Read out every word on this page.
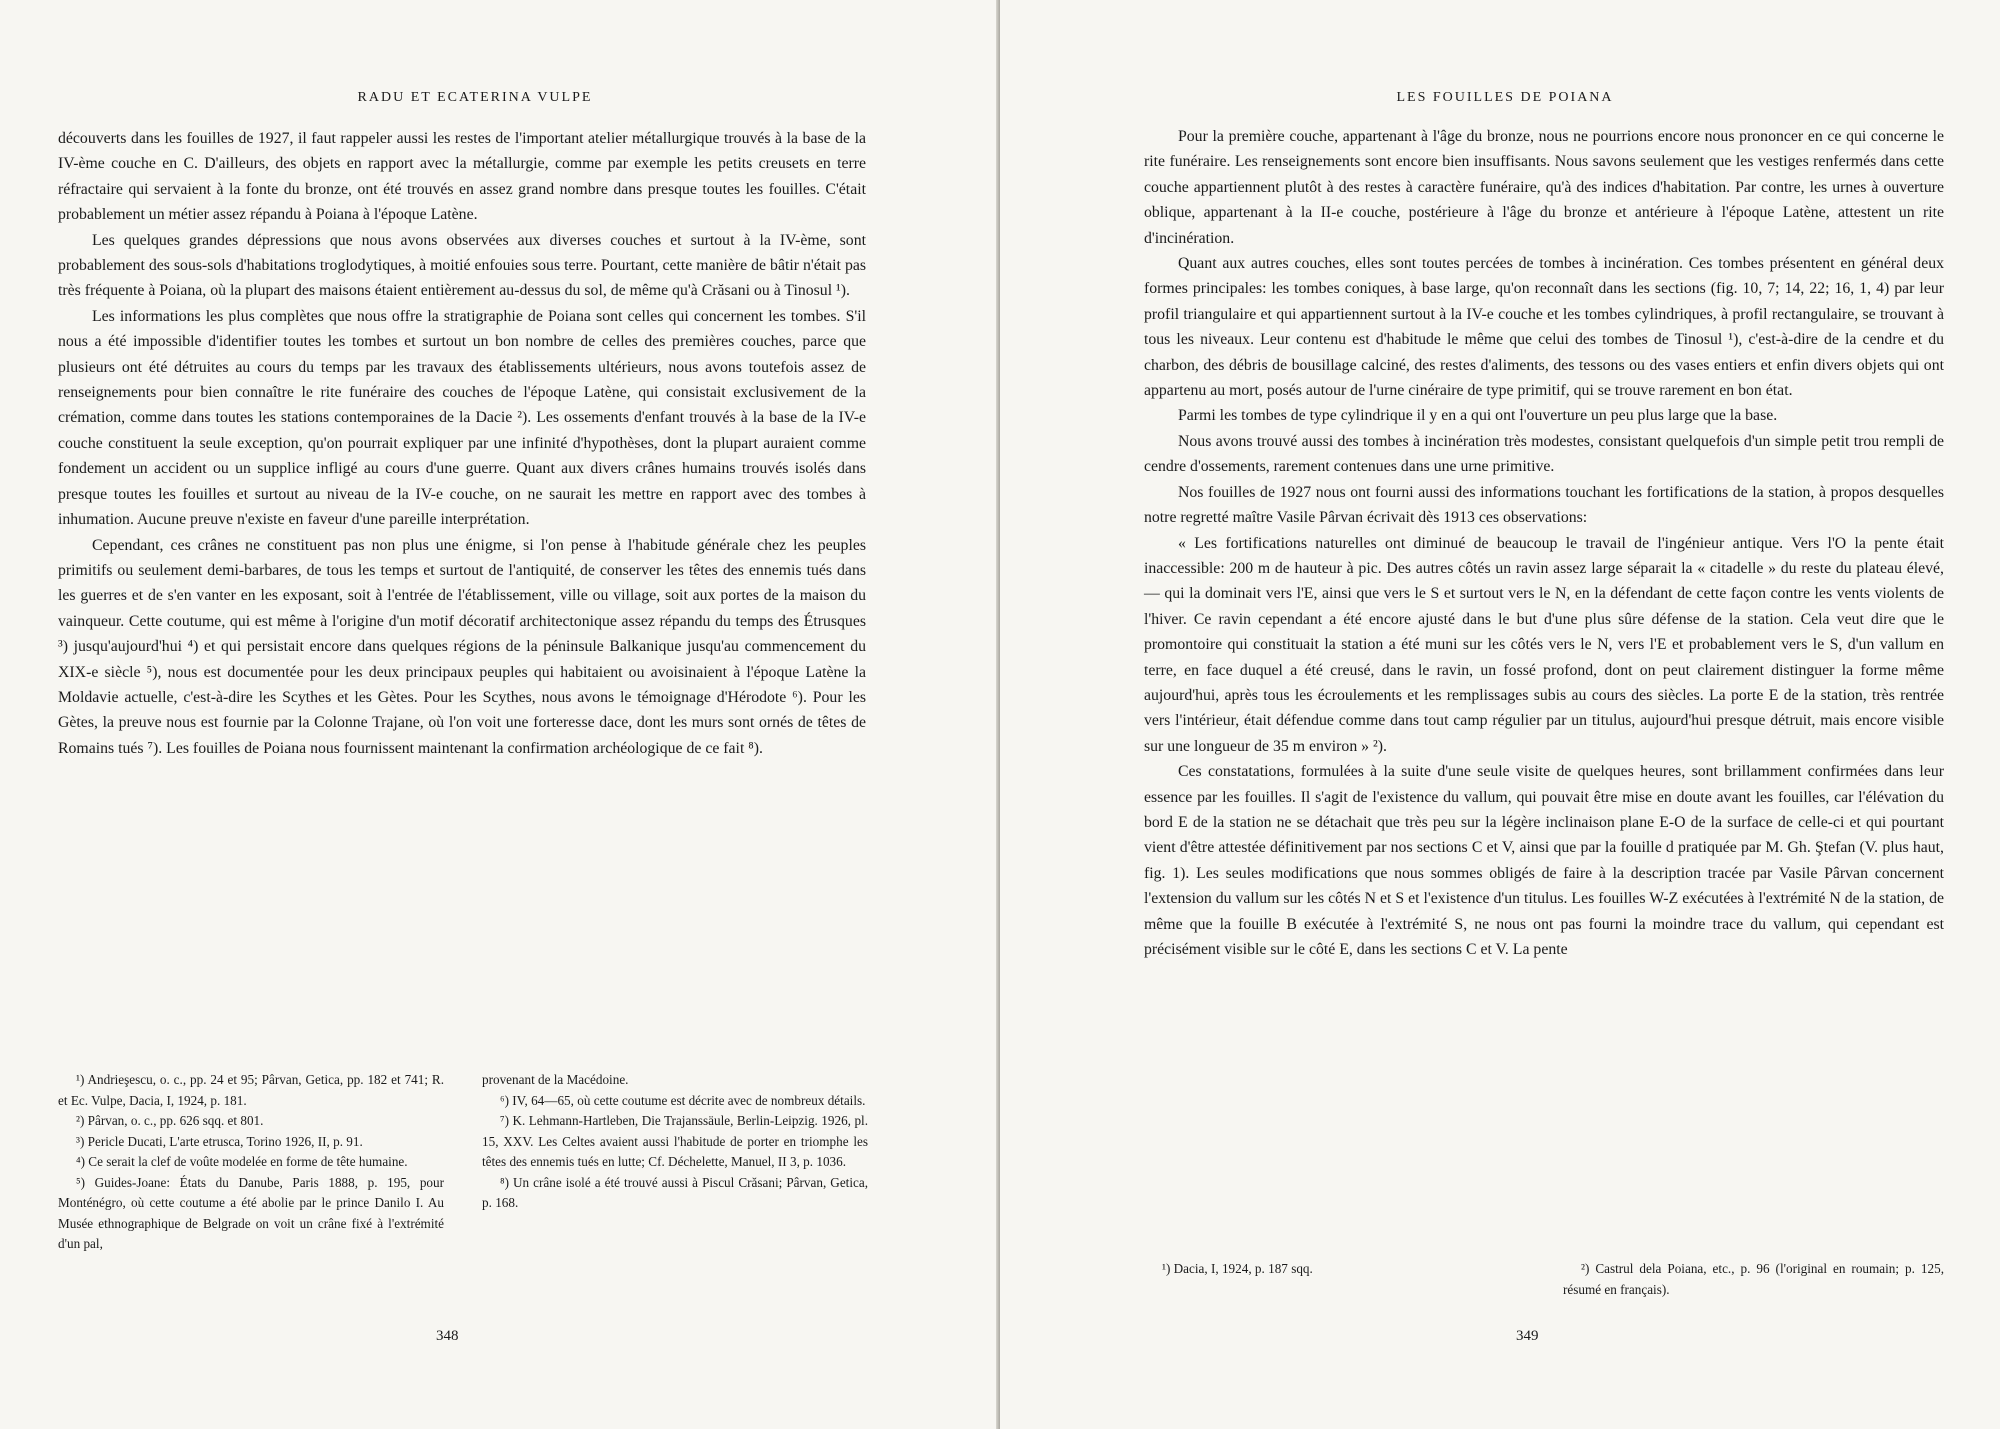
RADU ET ECATERINA VULPE

découverts dans les fouilles de 1927, il faut rappeler aussi les restes de l'important atelier métallurgique trouvés à la base de la IV-ème couche en C. D'ailleurs, des objets en rapport avec la métallurgie, comme par exemple les petits creusets en terre réfractaire qui servaient à la fonte du bronze, ont été trouvés en assez grand nombre dans presque toutes les fouilles. C'était probablement un métier assez répandu à Poiana à l'époque Latène.

Les quelques grandes dépressions que nous avons observées aux diverses couches et surtout à la IV-ème, sont probablement des sous-sols d'habitations troglodytiques, à moitié enfouies sous terre. Pourtant, cette manière de bâtir n'était pas très fréquente à Poiana, où la plupart des maisons étaient entièrement au-dessus du sol, de même qu'à Crăsani ou à Tinosul ¹).

Les informations les plus complètes que nous offre la stratigraphie de Poiana sont celles qui concernent les tombes. S'il nous a été impossible d'identifier toutes les tombes et surtout un bon nombre de celles des premières couches, parce que plusieurs ont été détruites au cours du temps par les travaux des établissements ultérieurs, nous avons toutefois assez de renseignements pour bien connaître le rite funéraire des couches de l'époque Latène, qui consistait exclusivement de la crémation, comme dans toutes les stations contemporaines de la Dacie ²). Les ossements d'enfant trouvés à la base de la IV-e couche constituent la seule exception, qu'on pourrait expliquer par une infinité d'hypothèses, dont la plupart auraient comme fondement un accident ou un supplice infligé au cours d'une guerre. Quant aux divers crânes humains trouvés isolés dans presque toutes les fouilles et surtout au niveau de la IV-e couche, on ne saurait les mettre en rapport avec des tombes à inhumation. Aucune preuve n'existe en faveur d'une pareille interprétation.

Cependant, ces crânes ne constituent pas non plus une énigme, si l'on pense à l'habitude générale chez les peuples primitifs ou seulement demi-barbares, de tous les temps et surtout de l'antiquité, de conserver les têtes des ennemis tués dans les guerres et de s'en vanter en les exposant, soit à l'entrée de l'établissement, ville ou village, soit aux portes de la maison du vainqueur. Cette coutume, qui est même à l'origine d'un motif décoratif architectonique assez répandu du temps des Étrusques ³) jusqu'aujourd'hui ⁴) et qui persistait encore dans quelques régions de la péninsule Balkanique jusqu'au commencement du XIX-e siècle ⁵), nous est documentée pour les deux principaux peuples qui habitaient ou avoisinaient à l'époque Latène la Moldavie actuelle, c'est-à-dire les Scythes et les Gètes. Pour les Scythes, nous avons le témoignage d'Hérodote ⁶). Pour les Gètes, la preuve nous est fournie par la Colonne Trajane, où l'on voit une forteresse dace, dont les murs sont ornés de têtes de Romains tués ⁷). Les fouilles de Poiana nous fournissent maintenant la confirmation archéologique de ce fait ⁸).

¹) Andrieşescu, o. c., pp. 24 et 95; Pârvan, Getica, pp. 182 et 741; R. et Ec. Vulpe, Dacia, I, 1924, p. 181.

²) Pârvan, o. c., pp. 626 sqq. et 801.

³) Pericle Ducati, L'arte etrusca, Torino 1926, II, p. 91.

⁴) Ce serait la clef de voûte modelée en forme de tête humaine.

⁵) Guides-Joane: États du Danube, Paris 1888, p. 195, pour Monténégro, où cette coutume a été abolie par le prince Danilo I. Au Musée ethnographique de Belgrade on voit un crâne fixé à l'extrémité d'un pal,

provenant de la Macédoine.

⁶) IV, 64—65, où cette coutume est décrite avec de nombreux détails.

⁷) K. Lehmann-Hartleben, Die Trajanssäule, Berlin-Leipzig. 1926, pl. 15, XXV. Les Celtes avaient aussi l'habitude de porter en triomphe les têtes des ennemis tués en lutte; Cf. Déchelette, Manuel, II 3, p. 1036.

⁸) Un crâne isolé a été trouvé aussi à Piscul Crăsani; Pârvan, Getica, p. 168.

348
LES FOUILLES DE POIANA

Pour la première couche, appartenant à l'âge du bronze, nous ne pourrions encore nous prononcer en ce qui concerne le rite funéraire. Les renseignements sont encore bien insuffisants. Nous savons seulement que les vestiges renfermés dans cette couche appartiennent plutôt à des restes à caractère funéraire, qu'à des indices d'habitation. Par contre, les urnes à ouverture oblique, appartenant à la II-e couche, postérieure à l'âge du bronze et antérieure à l'époque Latène, attestent un rite d'incinération.

Quant aux autres couches, elles sont toutes percées de tombes à incinération. Ces tombes présentent en général deux formes principales: les tombes coniques, à base large, qu'on reconnaît dans les sections (fig. 10, 7; 14, 22; 16, 1, 4) par leur profil triangulaire et qui appartiennent surtout à la IV-e couche et les tombes cylindriques, à profil rectangulaire, se trouvant à tous les niveaux. Leur contenu est d'habitude le même que celui des tombes de Tinosul ¹), c'est-à-dire de la cendre et du charbon, des débris de bousillage calciné, des restes d'aliments, des tessons ou des vases entiers et enfin divers objets qui ont appartenu au mort, posés autour de l'urne cinéraire de type primitif, qui se trouve rarement en bon état.

Parmi les tombes de type cylindrique il y en a qui ont l'ouverture un peu plus large que la base.

Nous avons trouvé aussi des tombes à incinération très modestes, consistant quelquefois d'un simple petit trou rempli de cendre d'ossements, rarement contenues dans une urne primitive.

Nos fouilles de 1927 nous ont fourni aussi des informations touchant les fortifications de la station, à propos desquelles notre regretté maître Vasile Pârvan écrivait dès 1913 ces observations:

« Les fortifications naturelles ont diminué de beaucoup le travail de l'ingénieur antique. Vers l'O la pente était inaccessible: 200 m de hauteur à pic. Des autres côtés un ravin assez large séparait la « citadelle » du reste du plateau élevé, — qui la dominait vers l'E, ainsi que vers le S et surtout vers le N, en la défendant de cette façon contre les vents violents de l'hiver. Ce ravin cependant a été encore ajusté dans le but d'une plus sûre défense de la station. Cela veut dire que le promontoire qui constituait la station a été muni sur les côtés vers le N, vers l'E et probablement vers le S, d'un vallum en terre, en face duquel a été creusé, dans le ravin, un fossé profond, dont on peut clairement distinguer la forme même aujourd'hui, après tous les écroulements et les remplissages subis au cours des siècles. La porte E de la station, très rentrée vers l'intérieur, était défendue comme dans tout camp régulier par un titulus, aujourd'hui presque détruit, mais encore visible sur une longueur de 35 m environ » ²).

Ces constatations, formulées à la suite d'une seule visite de quelques heures, sont brillamment confirmées dans leur essence par les fouilles. Il s'agit de l'existence du vallum, qui pouvait être mise en doute avant les fouilles, car l'élévation du bord E de la station ne se détachait que très peu sur la légère inclinaison plane E-O de la surface de celle-ci et qui pourtant vient d'être attestée définitivement par nos sections C et V, ainsi que par la fouille d pratiquée par M. Gh. Ştefan (V. plus haut, fig. 1). Les seules modifications que nous sommes obligés de faire à la description tracée par Vasile Pârvan concernent l'extension du vallum sur les côtés N et S et l'existence d'un titulus. Les fouilles W-Z exécutées à l'extrémité N de la station, de même que la fouille B exécutée à l'extrémité S, ne nous ont pas fourni la moindre trace du vallum, qui cependant est précisément visible sur le côté E, dans les sections C et V. La pente

¹) Dacia, I, 1924, p. 187 sqq.	²) Castrul dela Poiana, etc., p. 96 (l'original en roumain; p. 125, résumé en français).

349
